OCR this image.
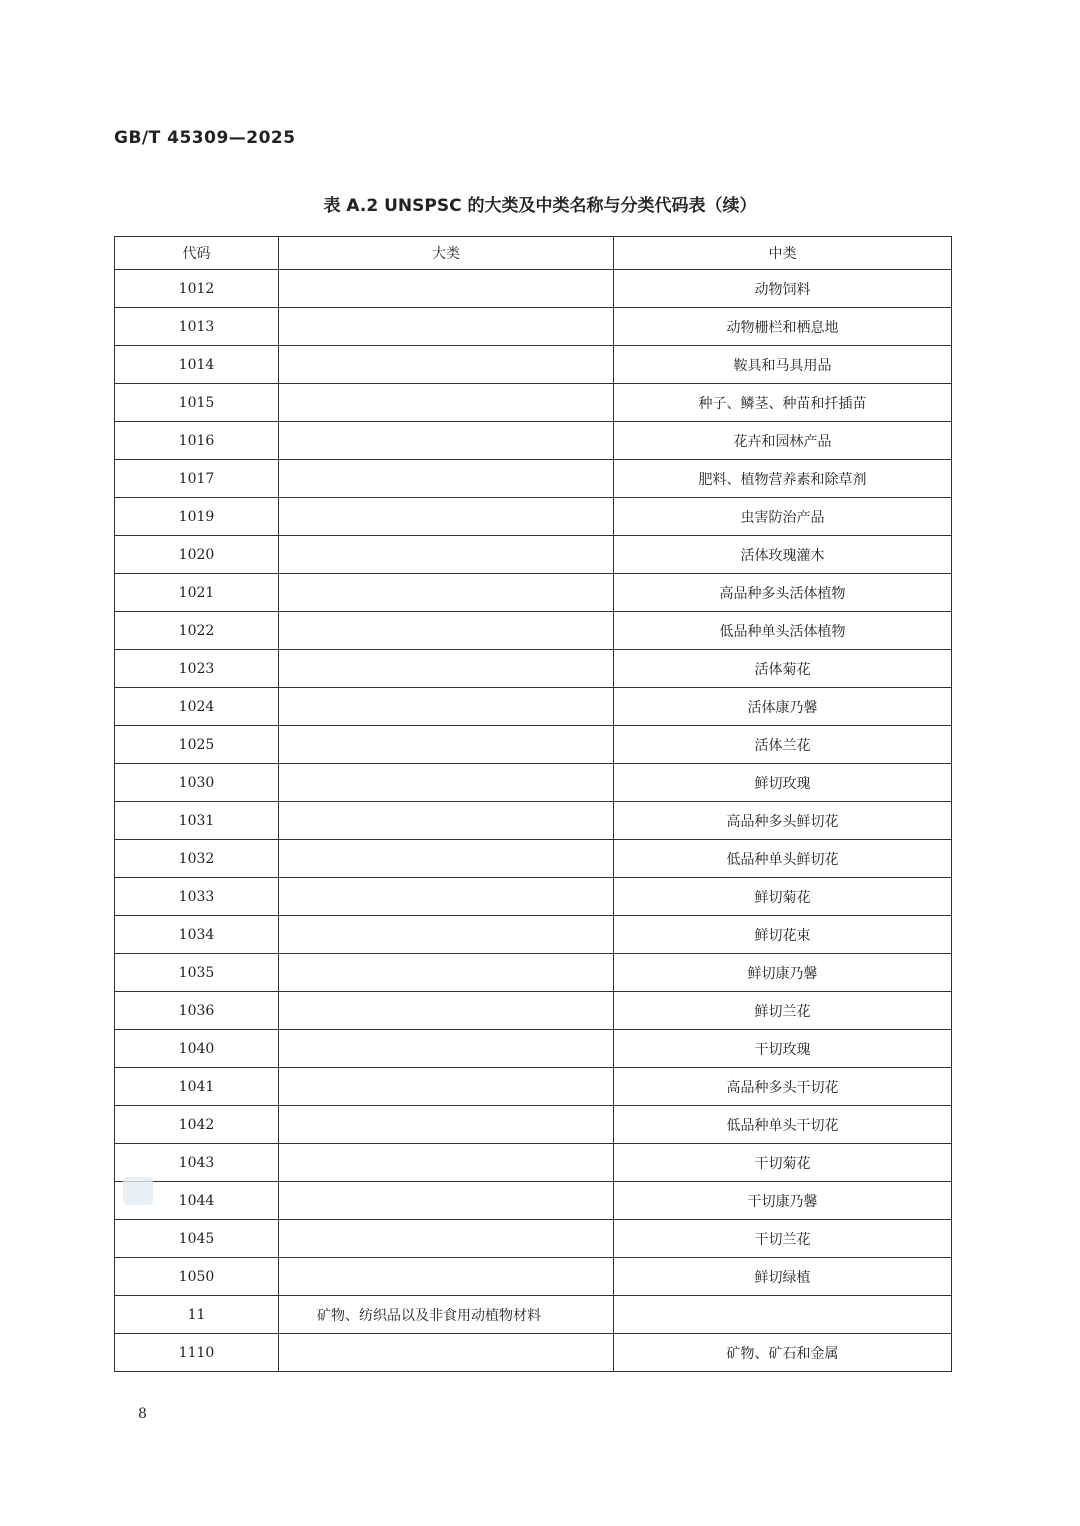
GB/T 45309—2025
表 A.2 UNSPSC 的大类及中类名称与分类代码表（续）
代码	大类	中类
1012		动物饲料
1013		动物栅栏和栖息地
1014		鞍具和马具用品
1015		种子、鳞茎、种苗和扦插苗
1016		花卉和园林产品
1017		肥料、植物营养素和除草剂
1019		虫害防治产品
1020		活体玫瑰灌木
1021		高品种多头活体植物
1022		低品种单头活体植物
1023		活体菊花
1024		活体康乃馨
1025		活体兰花
1030		鲜切玫瑰
1031		高品种多头鲜切花
1032		低品种单头鲜切花
1033		鲜切菊花
1034		鲜切花束
1035		鲜切康乃馨
1036		鲜切兰花
1040		干切玫瑰
1041		高品种多头干切花
1042		低品种单头干切花
1043		干切菊花
1044		干切康乃馨
1045		干切兰花
1050		鲜切绿植
11	矿物、纺织品以及非食用动植物材料	
1110		矿物、矿石和金属
8
